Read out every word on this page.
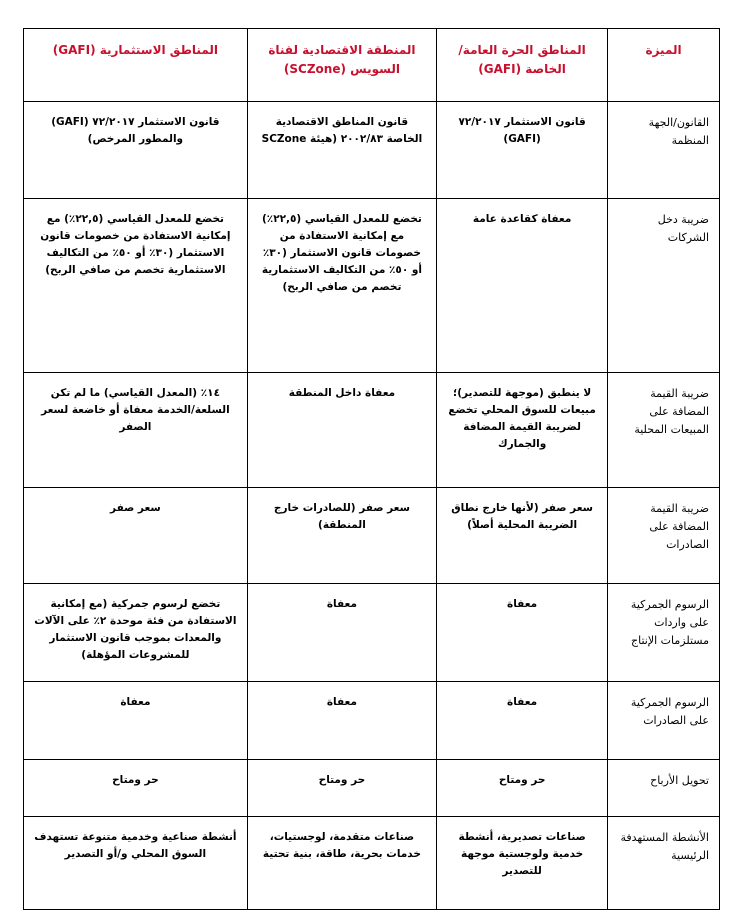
الميزة	المناطق الحرة العامة/الخاصة (GAFI)	المنطقة الاقتصادية لقناة السويس (SCZone)	المناطق الاستثمارية (GAFI)
القانون/الجهة المنظمة	قانون الاستثمار ٧٢/٢٠١٧ (GAFI)	قانون المناطق الاقتصادية الخاصة ٢٠٠٢/٨٣ (هيئة SCZone	قانون الاستثمار ٧٢/٢٠١٧ (GAFI) والمطور المرخص)
ضريبة دخل الشركات	معفاة كقاعدة عامة	تخضع للمعدل القياسي (٢٢,٥٪) مع إمكانية الاستفادة من خصومات قانون الاستثمار (٣٠٪ أو ٥٠٪ من التكاليف الاستثمارية تخصم من صافي الربح)	تخضع للمعدل القياسي (٢٢,٥٪) مع إمكانية الاستفادة من خصومات قانون الاستثمار (٣٠٪ أو ٥٠٪ من التكاليف الاستثمارية تخصم من صافي الربح)
ضريبة القيمة المضافة على المبيعات المحلية	لا ينطبق (موجهة للتصدير)؛ مبيعات للسوق المحلي تخضع لضريبة القيمة المضافة والجمارك	معفاة داخل المنطقة	١٤٪ (المعدل القياسي) ما لم تكن السلعة/الخدمة معفاة أو خاضعة لسعر الصفر
ضريبة القيمة المضافة على الصادرات	سعر صفر (لأنها خارج نطاق الضريبة المحلية أصلاً)	سعر صفر (للصادرات خارج المنطقة)	سعر صفر
الرسوم الجمركية على واردات مستلزمات الإنتاج	معفاة	معفاة	تخضع لرسوم جمركية (مع إمكانية الاستفادة من فئة موحدة ٢٪ على الآلات والمعدات بموجب قانون الاستثمار للمشروعات المؤهلة)
الرسوم الجمركية على الصادرات	معفاة	معفاة	معفاة
تحويل الأرباح	حر ومتاح	حر ومتاح	حر ومتاح
الأنشطة المستهدفة الرئيسية	صناعات تصديرية، أنشطة خدمية ولوجستية موجهة للتصدير	صناعات متقدمة، لوجستيات، خدمات بحرية، طاقة، بنية تحتية	أنشطة صناعية وخدمية متنوعة تستهدف السوق المحلي و/أو التصدير
